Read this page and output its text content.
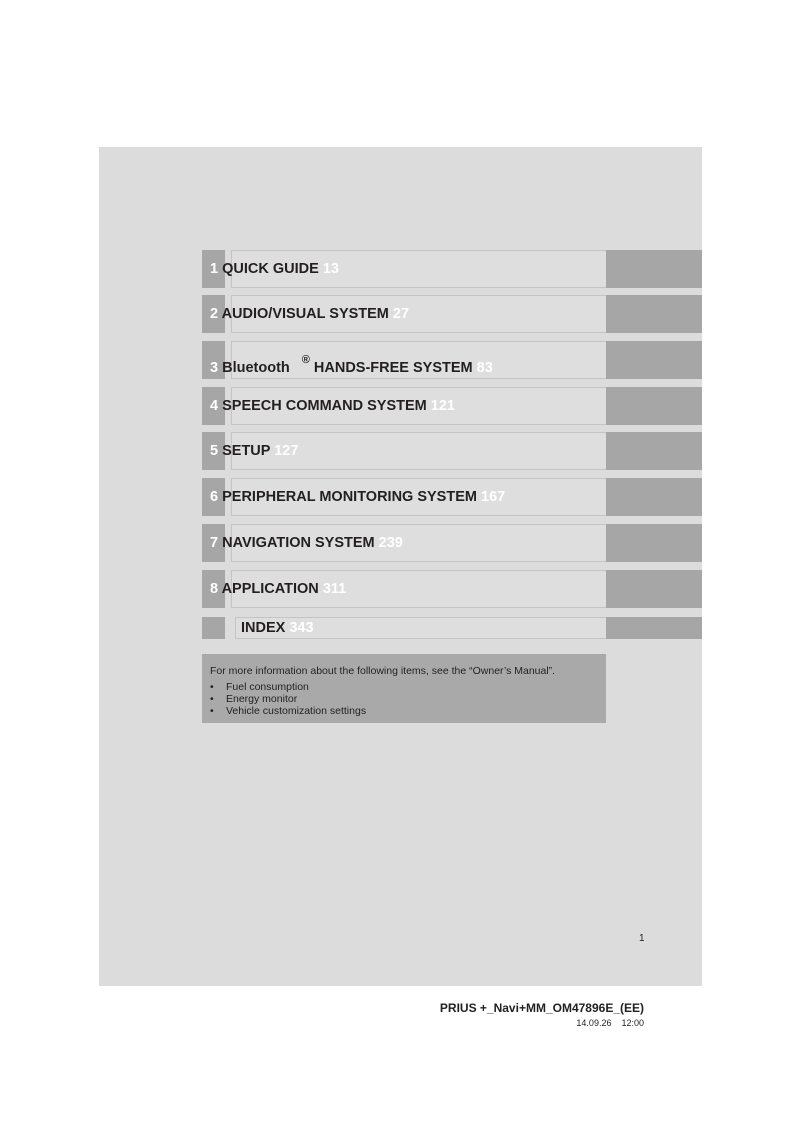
1 QUICK GUIDE 13
2 AUDIO/VISUAL SYSTEM 27
3 Bluetooth ® HANDS-FREE SYSTEM 83
4 SPEECH COMMAND SYSTEM 121
5 SETUP 127
6 PERIPHERAL MONITORING SYSTEM 167
7 NAVIGATION SYSTEM 239
8 APPLICATION 311
INDEX 343
For more information about the following items, see the “Owner’s Manual”.
• Fuel consumption
• Energy monitor
• Vehicle customization settings
1
PRIUS +_Navi+MM_OM47896E_(EE)
14.09.26 12:00
